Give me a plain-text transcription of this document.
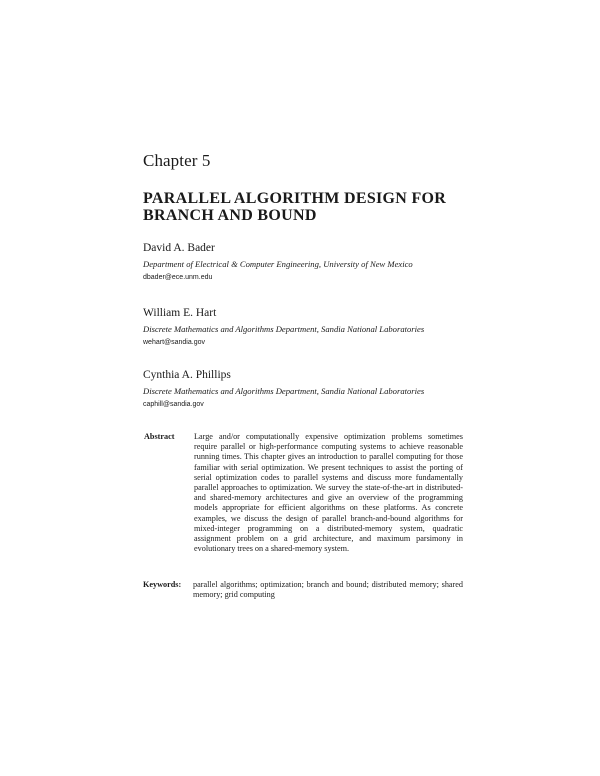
Chapter 5
PARALLEL ALGORITHM DESIGN FOR
BRANCH AND BOUND
David A. Bader
Department of Electrical & Computer Engineering, University of New Mexico
dbader@ece.unm.edu
William E. Hart
Discrete Mathematics and Algorithms Department, Sandia National Laboratories
wehart@sandia.gov
Cynthia A. Phillips
Discrete Mathematics and Algorithms Department, Sandia National Laboratories
caphill@sandia.gov
Abstract	Large and/or computationally expensive optimization problems sometimes require parallel or high-performance computing systems to achieve reasonable running times. This chapter gives an introduction to parallel computing for those familiar with serial optimization. We present techniques to assist the porting of serial optimization codes to parallel systems and discuss more fundamentally parallel approaches to optimization. We survey the state-of-the-art in distributed- and shared-memory architectures and give an overview of the programming models appropriate for efficient algorithms on these platforms. As concrete examples, we discuss the design of parallel branch-and-bound algorithms for mixed-integer programming on a distributed-memory system, quadratic assignment problem on a grid architecture, and maximum parsimony in evolutionary trees on a shared-memory system.
Keywords:	parallel algorithms; optimization; branch and bound; distributed memory; shared memory; grid computing
